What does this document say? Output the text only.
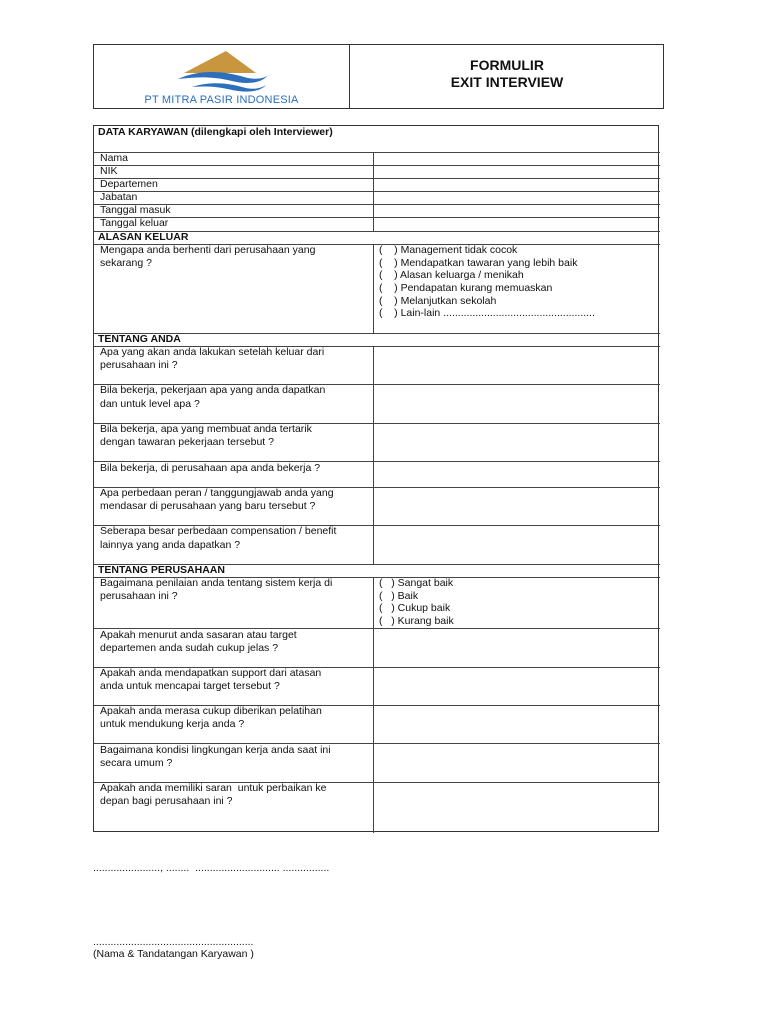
PT MITRA PASIR INDONESIA
FORMULIR
EXIT INTERVIEW
DATA KARYAWAN (dilengkapi oleh Interviewer)
Nama
NIK
Departemen
Jabatan
Tanggal masuk
Tanggal keluar
ALASAN KELUAR
Mengapa anda berhenti dari perusahaan yang
sekarang ?
(    ) Management tidak cocok
(    ) Mendapatkan tawaran yang lebih baik
(    ) Alasan keluarga / menikah
(    ) Pendapatan kurang memuaskan
(    ) Melanjutkan sekolah
(    ) Lain-lain ....................................................
TENTANG ANDA
Apa yang akan anda lakukan setelah keluar dari
perusahaan ini ?
Bila bekerja, pekerjaan apa yang anda dapatkan
dan untuk level apa ?
Bila bekerja, apa yang membuat anda tertarik
dengan tawaran pekerjaan tersebut ?
Bila bekerja, di perusahaan apa anda bekerja ?
Apa perbedaan peran / tanggungjawab anda yang
mendasar di perusahaan yang baru tersebut ?
Seberapa besar perbedaan compensation / benefit
lainnya yang anda dapatkan ?
TENTANG PERUSAHAAN
Bagaimana penilaian anda tentang sistem kerja di
perusahaan ini ?
(   ) Sangat baik
(   ) Baik
(   ) Cukup baik
(   ) Kurang baik
Apakah menurut anda sasaran atau target
departemen anda sudah cukup jelas ?
Apakah anda mendapatkan support dari atasan
anda untuk mencapai target tersebut ?
Apakah anda merasa cukup diberikan pelatihan
untuk mendukung kerja anda ?
Bagaimana kondisi lingkungan kerja anda saat ini
secara umum ?
Apakah anda memiliki saran  untuk perbaikan ke
depan bagi perusahaan ini ?
......................., ........  ............................. ................
.......................................................
(Nama & Tandatangan Karyawan )
